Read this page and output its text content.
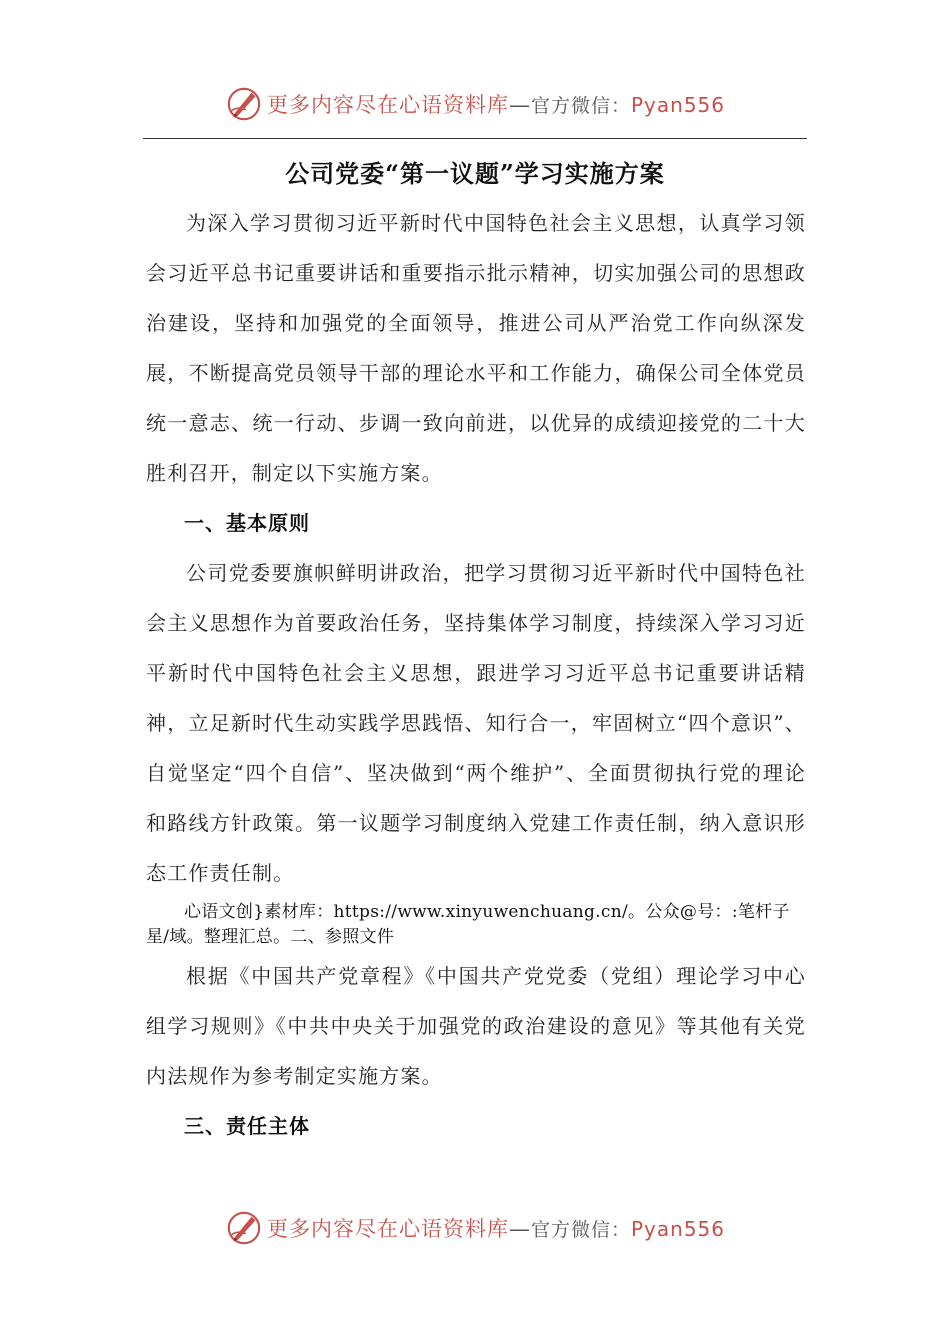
更多内容尽在心语资料库—官方微信：Pyan556
公司党委“第一议题”学习实施方案

为深入学习贯彻习近平新时代中国特色社会主义思想，认真学习领会习近平总书记重要讲话和重要指示批示精神，切实加强公司的思想政治建设，坚持和加强党的全面领导，推进公司从严治党工作向纵深发展，不断提高党员领导干部的理论水平和工作能力，确保公司全体党员统一意志、统一行动、步调一致向前进，以优异的成绩迎接党的二十大胜利召开，制定以下实施方案。

一、基本原则

公司党委要旗帜鲜明讲政治，把学习贯彻习近平新时代中国特色社会主义思想作为首要政治任务，坚持集体学习制度，持续深入学习习近平新时代中国特色社会主义思想，跟进学习习近平总书记重要讲话精神，立足新时代生动实践学思践悟、知行合一，牢固树立“四个意识”、自觉坚定“四个自信”、坚决做到“两个维护”、全面贯彻执行党的理论和路线方针政策。第一议题学习制度纳入党建工作责任制，纳入意识形态工作责任制。

心语文创}素材库：https://www.xinyuwenchuang.cn/。公众@号：:笔杆子
星/域。整理汇总。二、参照文件

根据《中国共产党章程》《中国共产党党委（党组）理论学习中心组学习规则》《中共中央关于加强党的政治建设的意见》等其他有关党内法规作为参考制定实施方案。

三、责任主体

更多内容尽在心语资料库—官方微信：Pyan556
